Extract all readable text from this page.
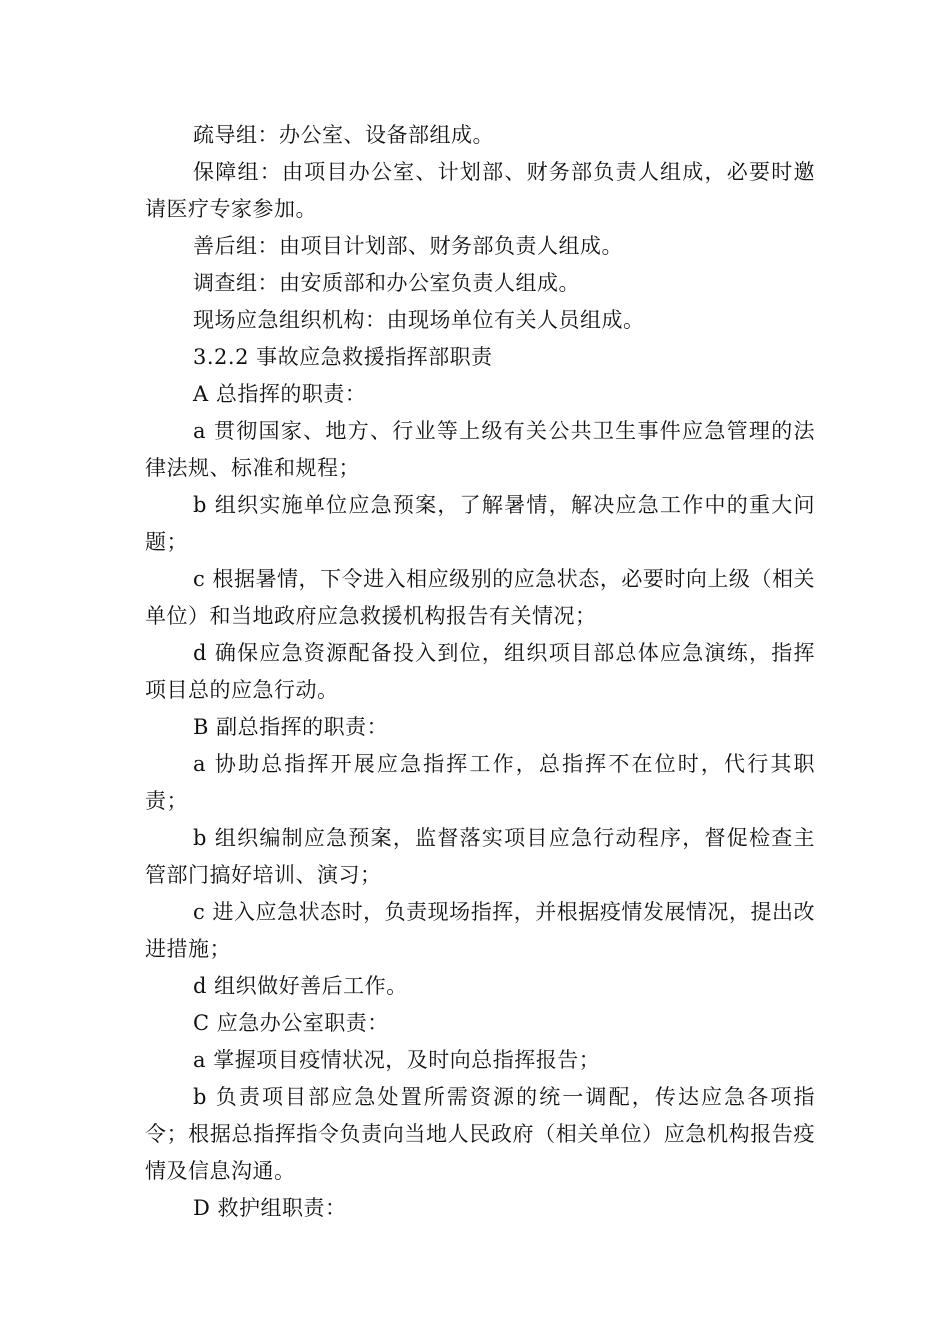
疏导组：办公室、设备部组成。

保障组：由项目办公室、计划部、财务部负责人组成，必要时邀请医疗专家参加。

善后组：由项目计划部、财务部负责人组成。

调查组：由安质部和办公室负责人组成。

现场应急组织机构：由现场单位有关人员组成。

3.2.2 事故应急救援指挥部职责

A 总指挥的职责：

a 贯彻国家、地方、行业等上级有关公共卫生事件应急管理的法律法规、标准和规程；

b 组织实施单位应急预案，了解暑情，解决应急工作中的重大问题；

c 根据暑情，下令进入相应级别的应急状态，必要时向上级（相关单位）和当地政府应急救援机构报告有关情况；

d 确保应急资源配备投入到位，组织项目部总体应急演练，指挥项目总的应急行动。

B 副总指挥的职责：

a 协助总指挥开展应急指挥工作，总指挥不在位时，代行其职责；

b 组织编制应急预案，监督落实项目应急行动程序，督促检查主管部门搞好培训、演习；

c 进入应急状态时，负责现场指挥，并根据疫情发展情况，提出改进措施；

d 组织做好善后工作。

C 应急办公室职责：

a 掌握项目疫情状况，及时向总指挥报告；

b 负责项目部应急处置所需资源的统一调配，传达应急各项指令；根据总指挥指令负责向当地人民政府（相关单位）应急机构报告疫情及信息沟通。

D 救护组职责：
